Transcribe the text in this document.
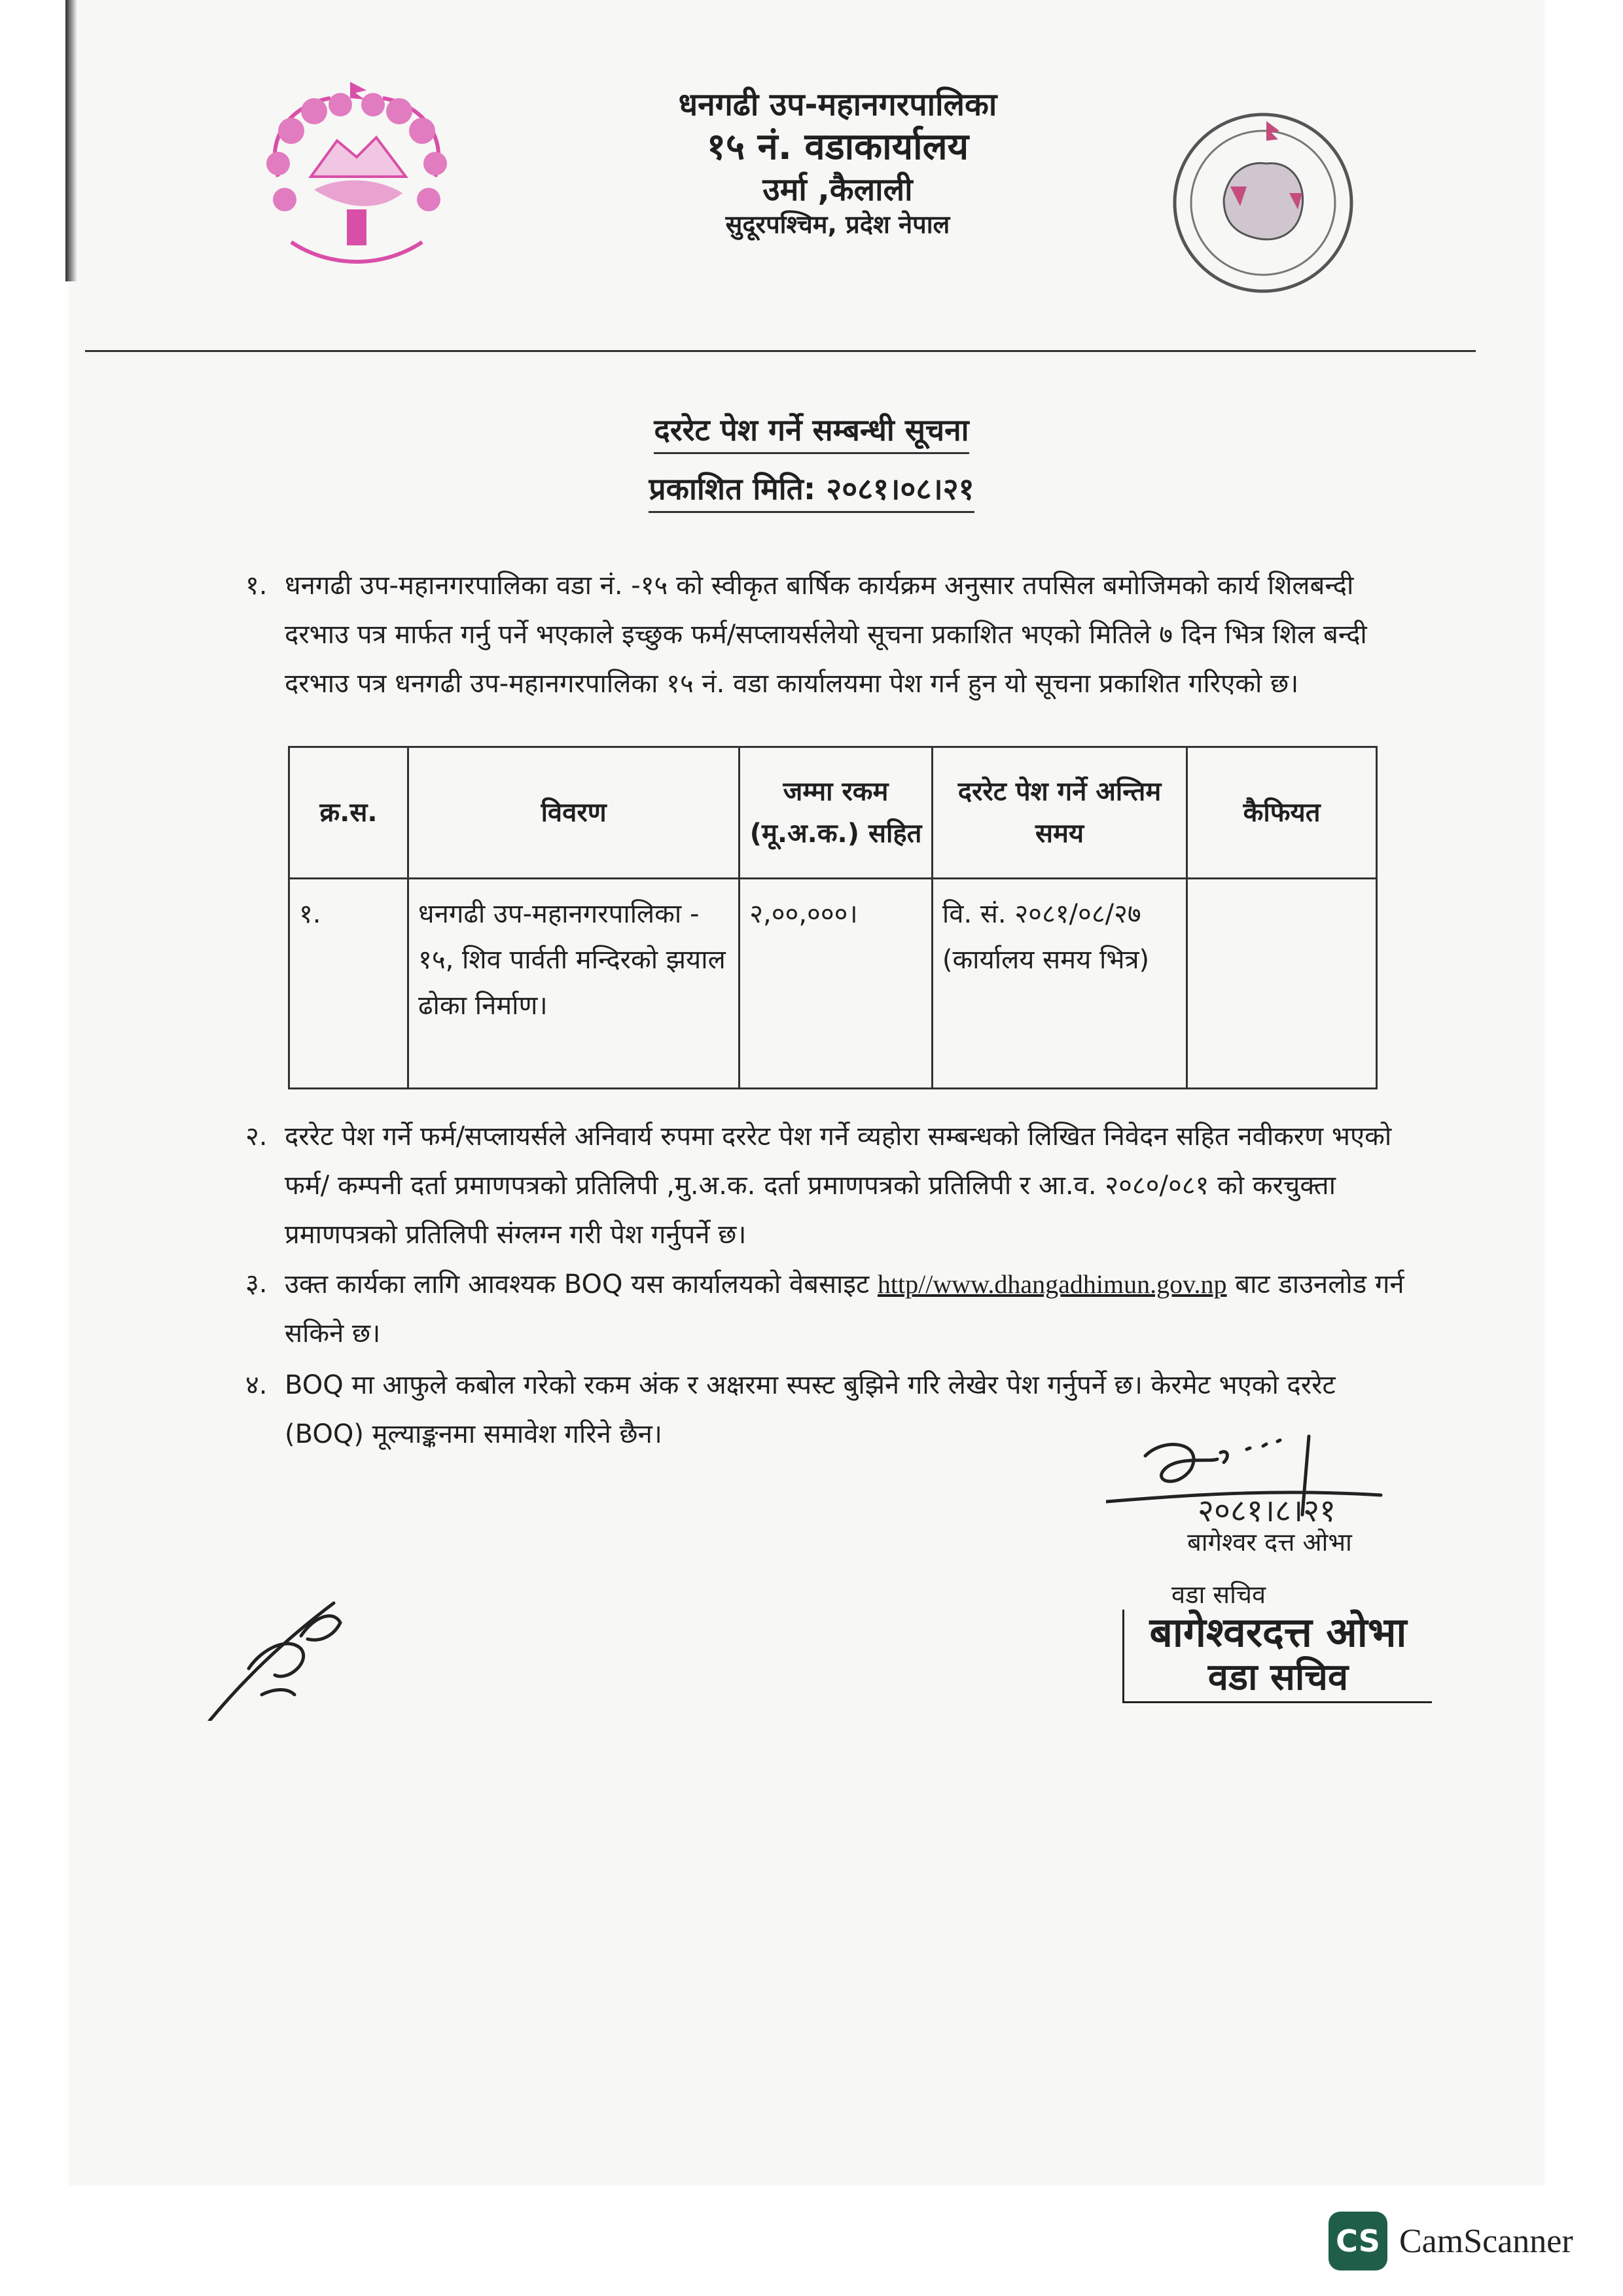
धनगढी उप-महानगरपालिका
१५ नं. वडाकार्यालय
उर्मा ,कैलाली
सुदूरपश्चिम, प्रदेश नेपाल
दररेट पेश गर्ने सम्बन्धी सूचना
प्रकाशित मिति: २०८१।०८।२१
१. धनगढी उप-महानगरपालिका वडा नं. -१५ को स्वीकृत बार्षिक कार्यक्रम अनुसार तपसिल बमोजिमको कार्य शिलबन्दी दरभाउ पत्र मार्फत गर्नु पर्ने भएकाले इच्छुक फर्म/सप्लायर्सलेयो सूचना प्रकाशित भएको मितिले ७ दिन भित्र शिल बन्दी दरभाउ पत्र धनगढी उप-महानगरपालिका १५ नं. वडा कार्यालयमा पेश गर्न हुन यो सूचना प्रकाशित गरिएको छ।
क्र.स.	विवरण	जम्मा रकम (मू.अ.क.) सहित	दररेट पेश गर्ने अन्तिम समय	कैफियत
१.	धनगढी उप-महानगरपालिका - १५, शिव पार्वती मन्दिरको झयाल ढोका निर्माण।	२,००,०००।	वि. सं. २०८१/०८/२७ (कार्यालय समय भित्र)	
२. दररेट पेश गर्ने फर्म/सप्लायर्सले अनिवार्य रुपमा दररेट पेश गर्ने व्यहोरा सम्बन्धको लिखित निवेदन सहित नवीकरण भएको फर्म/ कम्पनी दर्ता प्रमाणपत्रको प्रतिलिपी ,मु.अ.क. दर्ता प्रमाणपत्रको प्रतिलिपी र आ.व. २०८०/०८१ को करचुक्ता प्रमाणपत्रको प्रतिलिपी संग्लग्न गरी पेश गर्नुपर्ने छ।
३. उक्त कार्यका लागि आवश्यक BOQ यस कार्यालयको वेबसाइट http//www.dhangadhimun.gov.np बाट डाउनलोड गर्न सकिने छ।
४. BOQ मा आफुले कबोल गरेको रकम अंक र अक्षरमा स्पस्ट बुझिने गरि लेखेर पेश गर्नुपर्ने छ। केरमेट भएको दररेट (BOQ) मूल्याङ्कनमा समावेश गरिने छैन।
२०८१।८।२१
बागेश्वर दत्त ओभा
वडा सचिव
बागेश्वरदत्त ओभा
वडा सचिव
CS CamScanner
